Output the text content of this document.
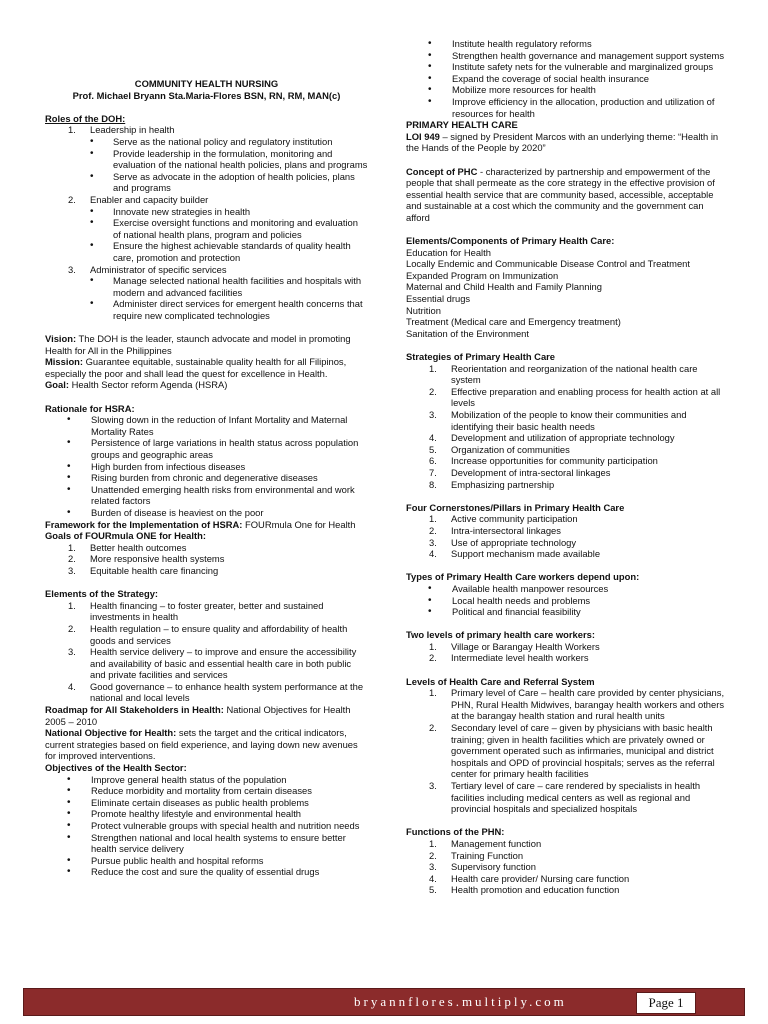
COMMUNITY HEALTH NURSING
Prof. Michael Bryann Sta.Maria-Flores BSN, RN, RM, MAN(c)
Roles of the DOH:
1. Leadership in health
• Serve as the national policy and regulatory institution
• Provide leadership in the formulation, monitoring and evaluation of the national health policies, plans and programs
• Serve as advocate in the adoption of health policies, plans and programs
2. Enabler and capacity builder
• Innovate new strategies in health
• Exercise oversight functions and monitoring and evaluation of national health plans, program and policies
• Ensure the highest achievable standards of quality health care, promotion and protection
3. Administrator of specific services
• Manage selected national health facilities and hospitals with modern and advanced facilities
• Administer direct services for emergent health concerns that require new complicated technologies

Vision: The DOH is the leader, staunch advocate and model in promoting Health for All in the Philippines

Mission: Guarantee equitable, sustainable quality health for all Filipinos, especially the poor and shall lead the quest for excellence in Health.

Goal: Health Sector reform Agenda (HSRA)

Rationale for HSRA:
• Slowing down in the reduction of Infant Mortality and Maternal Mortality Rates
• Persistence of large variations in health status across population groups and geographic areas
• High burden from infectious diseases
• Rising burden from chronic and degenerative diseases
• Unattended emerging health risks from environmental and work related factors
• Burden of disease is heaviest on the poor

Framework for the Implementation of HSRA: FOURmula One for Health

Goals of FOURmula ONE for Health:
1. Better health outcomes
2. More responsive health systems
3. Equitable health care financing
Elements of the Strategy:
1. Health financing – to foster greater, better and sustained investments in health
2. Health regulation – to ensure quality and affordability of health goods and services
3. Health service delivery – to improve and ensure the accessibility and availability of basic and essential health care in both public and private facilities and services
4. Good governance – to enhance health system performance at the national and local levels

Roadmap for All Stakeholders in Health: National Objectives for Health 2005 – 2010

National Objective for Health: sets the target and the critical indicators, current strategies based on field experience, and laying down new avenues for improved interventions.

Objectives of the Health Sector:
• Improve general health status of the population
• Reduce morbidity and mortality from certain diseases
• Eliminate certain diseases as public health problems
• Promote healthy lifestyle and environmental health
• Protect vulnerable groups with special health and nutrition needs
• Strengthen national and local health systems to ensure better health service delivery
• Pursue public health and hospital reforms
• Reduce the cost and sure the quality of essential drugs
• Institute health regulatory reforms
• Strengthen health governance and management support systems
• Institute safety nets for the vulnerable and marginalized groups
• Expand the coverage of social health insurance
• Mobilize more resources for health
• Improve efficiency in the allocation, production and utilization of resources for health
PRIMARY HEALTH CARE

LOI 949 – signed by President Marcos with an underlying theme: “Health in the Hands of the People by 2020”

Concept of PHC - characterized by partnership and empowerment of the people that shall permeate as the core strategy in the effective provision of essential health service that are community based, accessible, acceptable and sustainable at a cost which the community and the government can afford

Elements/Components of Primary Health Care:
Education for Health
Locally Endemic and Communicable Disease Control and Treatment
Expanded Program on Immunization
Maternal and Child Health and Family Planning
Essential drugs
Nutrition
Treatment (Medical care and Emergency treatment)
Sanitation of the Environment
Strategies of Primary Health Care
1. Reorientation and reorganization of the national health care system
2. Effective preparation and enabling process for health action at all levels
3. Mobilization of the people to know their communities and identifying their basic health needs
4. Development and utilization of appropriate technology
5. Organization of communities
6. Increase opportunities for community participation
7. Development of intra-sectoral linkages
8. Emphasizing partnership
Four Cornerstones/Pillars in Primary Health Care
1. Active community participation
2. Intra-intersectoral linkages
3. Use of appropriate technology
4. Support mechanism made available
Types of Primary Health Care workers depend upon:
• Available health manpower resources
• Local health needs and problems
• Political and financial feasibility
Two levels of primary health care workers:
1. Village or Barangay Health Workers
2. Intermediate level health workers
Levels of Health Care and Referral System
1. Primary level of Care – health care provided by center physicians, PHN, Rural Health Midwives, barangay health workers and others at the barangay health station and rural health units
2. Secondary level of care – given by physicians with basic health training; given in health facilities which are privately owned or government operated such as infirmaries, municipal and district hospitals and OPD of provincial hospitals; serves as the referral center for primary health facilities
3. Tertiary level of care – care rendered by specialists in health facilities including medical centers as well as regional and provincial hospitals and specialized hospitals
Functions of the PHN:
1. Management function
2. Training Function
3. Supervisory function
4. Health care provider/ Nursing care function
5. Health promotion and education function
bryannflores.multiply.com	Page 1
